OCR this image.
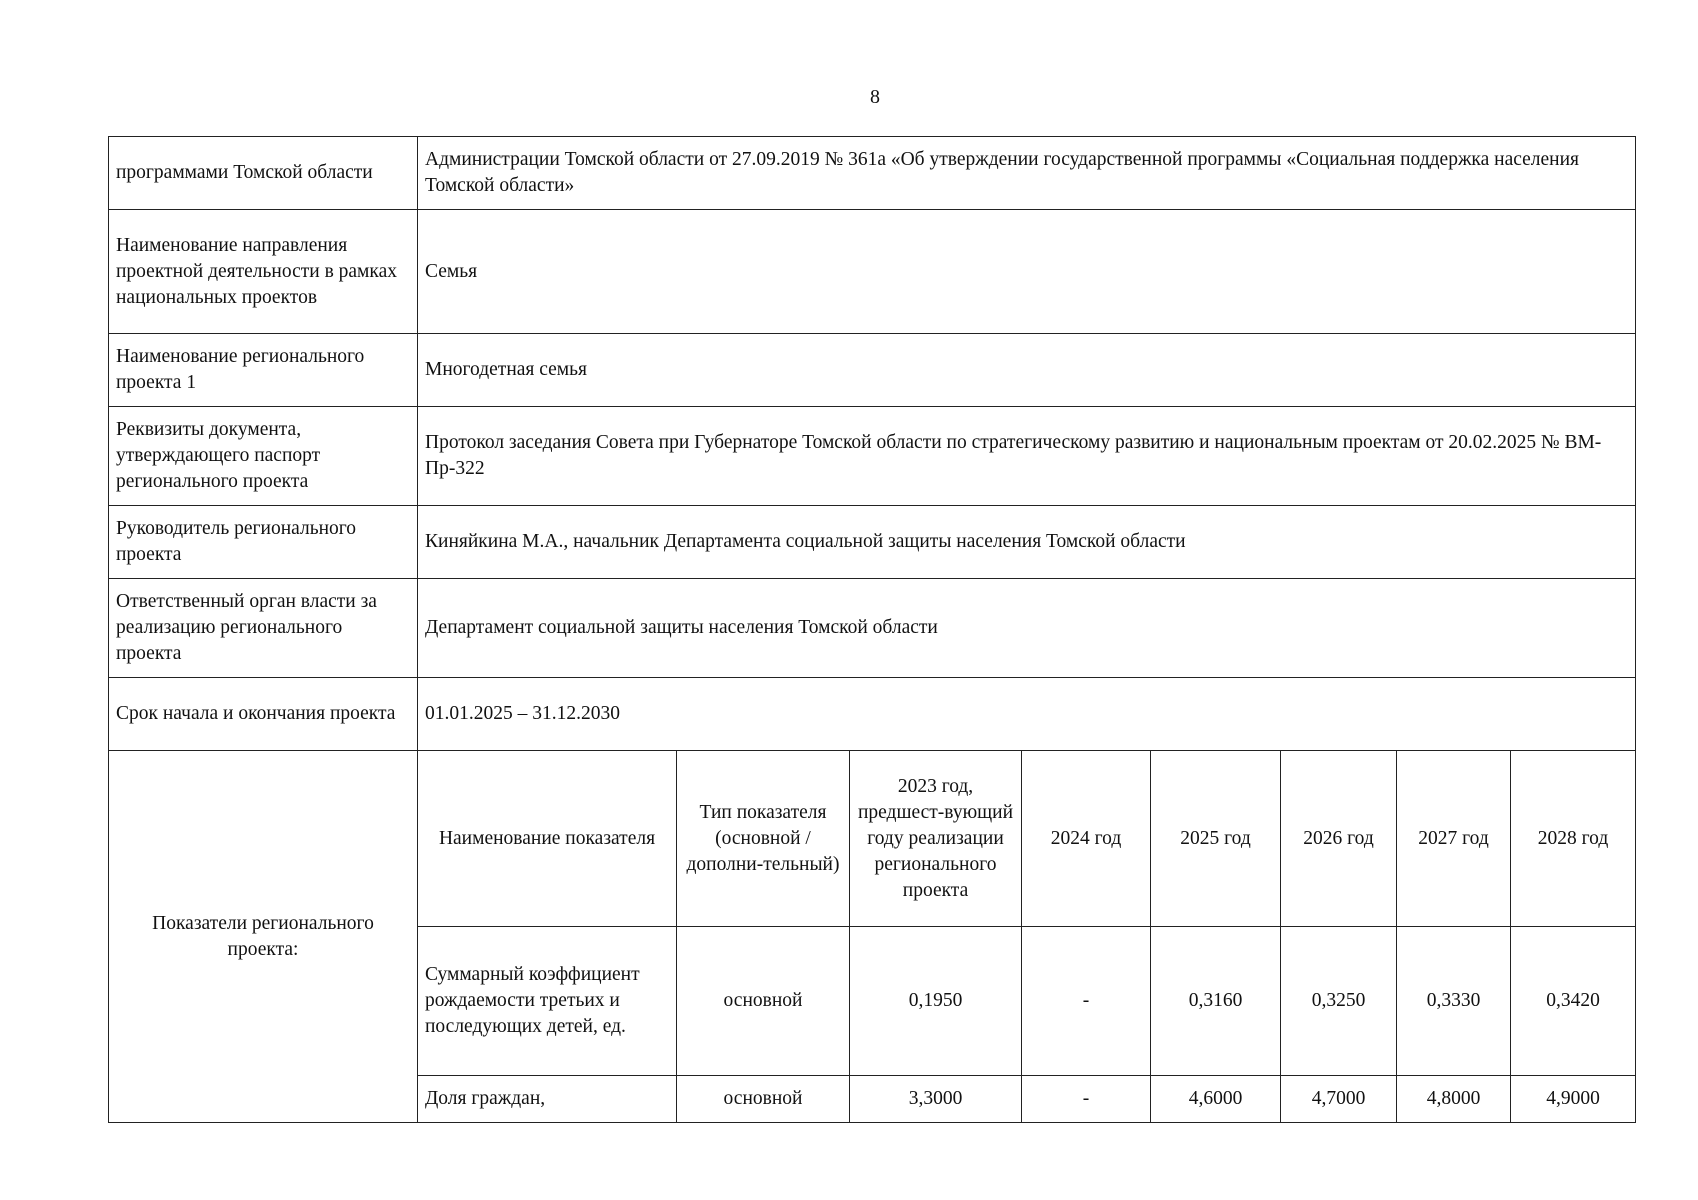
8
программами Томской области	Администрации Томской области от 27.09.2019 № 361а «Об утверждении государственной программы «Социальная поддержка населения Томской области»							
Наименование направления проектной деятельности в рамках национальных проектов	Семья							
Наименование регионального проекта 1	Многодетная семья							
Реквизиты документа, утверждающего паспорт регионального проекта	Протокол заседания Совета при Губернаторе Томской области по стратегическому развитию и национальным проектам от 20.02.2025 № ВМ-Пр-322							
Руководитель регионального проекта	Киняйкина М.А., начальник Департамента социальной защиты населения Томской области							
Ответственный орган власти за реализацию регионального проекта	Департамент социальной защиты населения Томской области							
Срок начала и окончания проекта	01.01.2025 – 31.12.2030							
Показатели регионального проекта:	Наименование показателя	Тип показателя (основной / дополни-тельный)	2023 год, предшест-вующий году реализации регионального проекта	2024 год	2025 год	2026 год	2027 год	2028 год
	Суммарный коэффициент рождаемости третьих и последующих детей, ед.	основной	0,1950	-	0,3160	0,3250	0,3330	0,3420
	Доля граждан,	основной	3,3000	-	4,6000	4,7000	4,8000	4,9000
